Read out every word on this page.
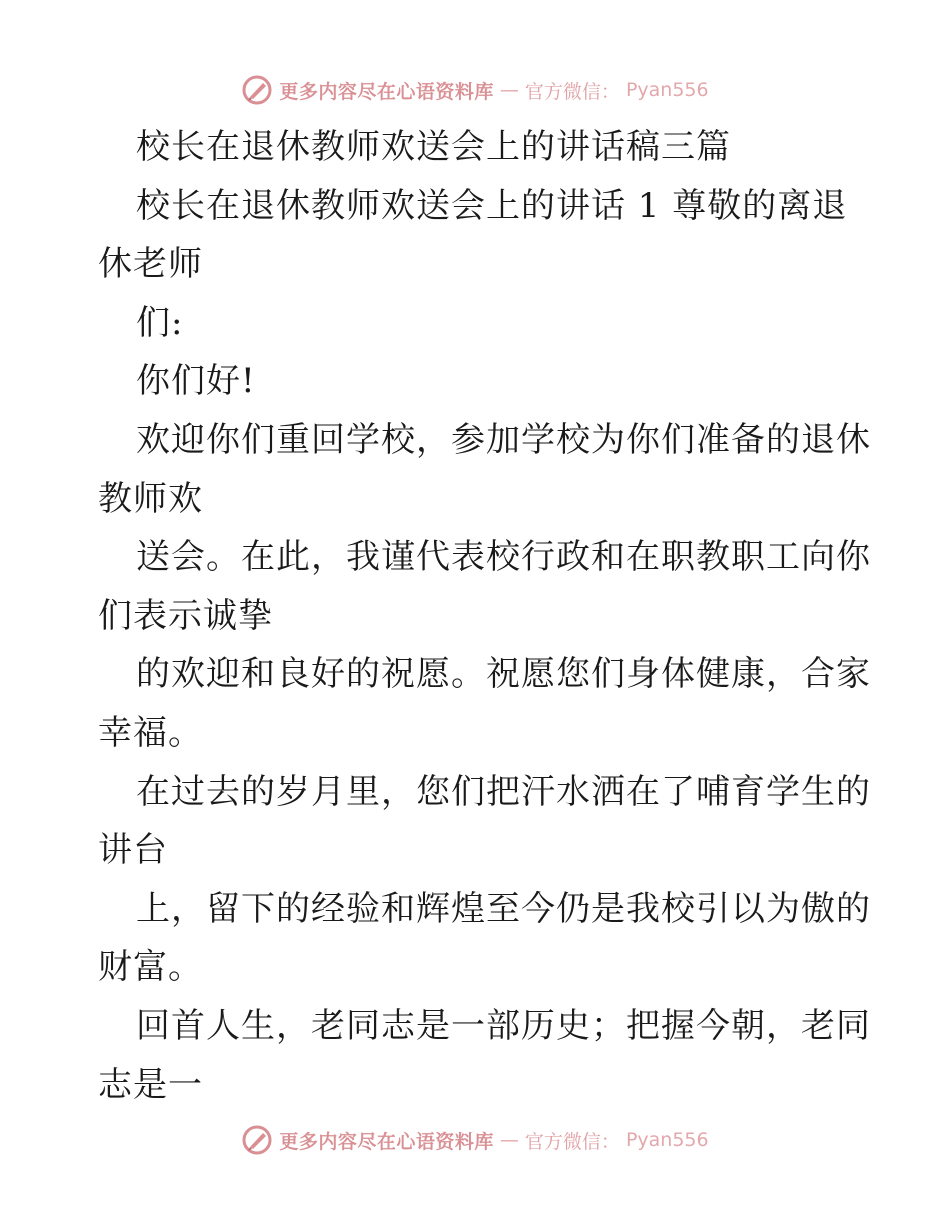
更多内容尽在心语资料库 — 官方微信： Pyan556
校长在退休教师欢送会上的讲话稿三篇
校长在退休教师欢送会上的讲话 1 尊敬的离退
休老师
们:
你们好!
欢迎你们重回学校，参加学校为你们准备的退休
教师欢
送会。在此，我谨代表校行政和在职教职工向你
们表示诚挚
的欢迎和良好的祝愿。祝愿您们身体健康，合家
幸福。
在过去的岁月里，您们把汗水洒在了哺育学生的
讲台
上，留下的经验和辉煌至今仍是我校引以为傲的
财富。
回首人生，老同志是一部历史；把握今朝，老同
志是一
更多内容尽在心语资料库 — 官方微信： Pyan556
